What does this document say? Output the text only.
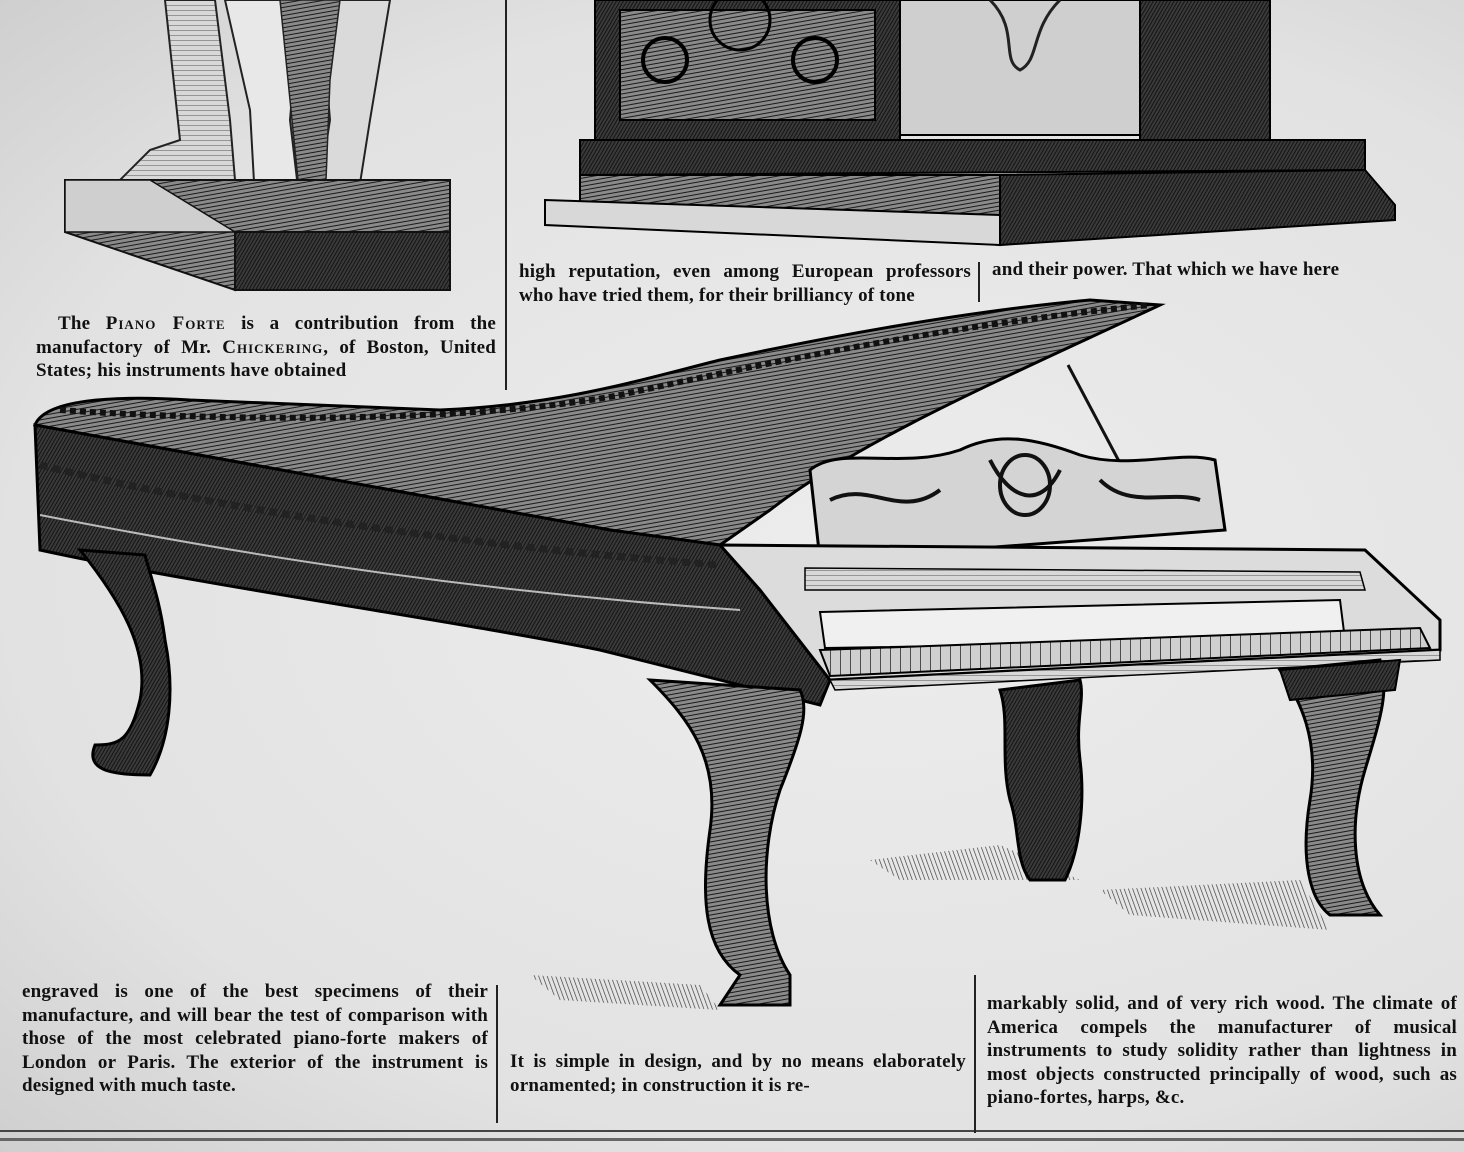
The Piano Forte is a contribution from the manufactory of Mr. Chickering, of Boston, United States; his instruments have obtained

high reputation, even among European professors who have tried them, for their brilliancy of tone

and their power. That which we have here

engraved is one of the best specimens of their manufacture, and will bear the test of comparison with those of the most celebrated piano-forte makers of London or Paris. The exterior of the instrument is designed with much taste.

It is simple in design, and by no means elaborately ornamented; in construction it is re-

markably solid, and of very rich wood. The climate of America compels the manufacturer of musical instruments to study solidity rather than lightness in most objects constructed principally of wood, such as piano-fortes, harps, &c.
